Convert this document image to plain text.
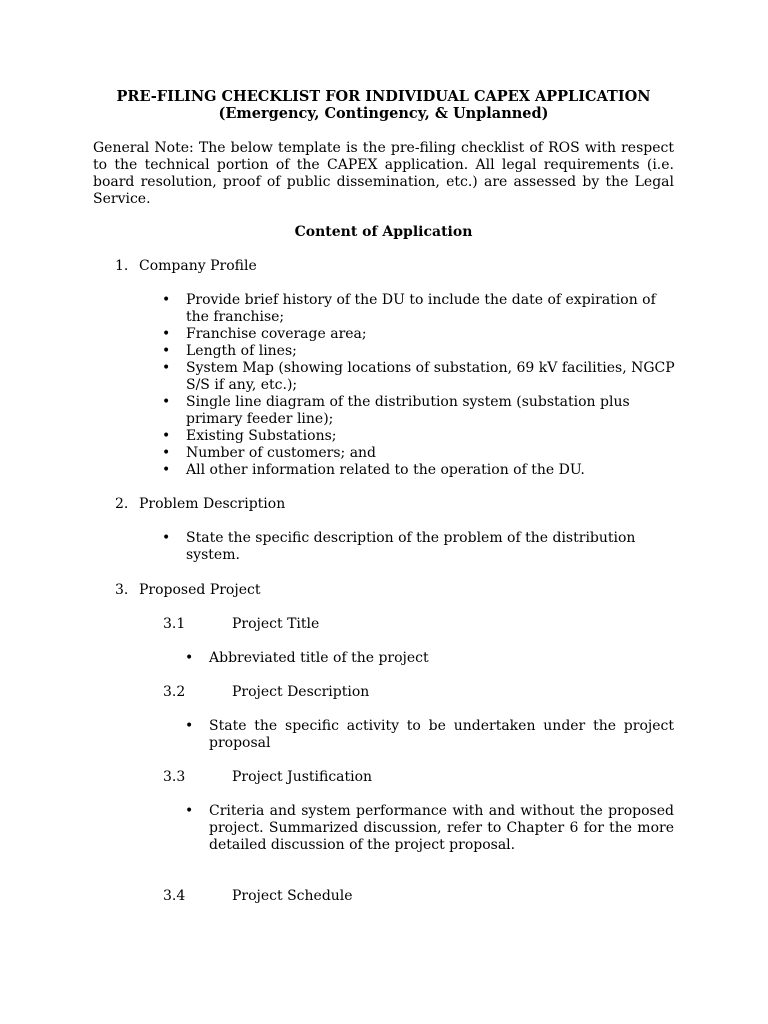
PRE-FILING CHECKLIST FOR INDIVIDUAL CAPEX APPLICATION
(Emergency, Contingency, & Unplanned)
General Note: The below template is the pre-filing checklist of ROS with respect to the technical portion of the CAPEX application. All legal requirements (i.e. board resolution, proof of public dissemination, etc.) are assessed by the Legal Service.
Content of Application
1. Company Profile
• Provide brief history of the DU to include the date of expiration of the franchise;
• Franchise coverage area;
• Length of lines;
• System Map (showing locations of substation, 69 kV facilities, NGCP S/S if any, etc.);
• Single line diagram of the distribution system (substation plus primary feeder line);
• Existing Substations;
• Number of customers; and
• All other information related to the operation of the DU.
2. Problem Description
• State the specific description of the problem of the distribution system.
3. Proposed Project
3.1	Project Title
• Abbreviated title of the project
3.2	Project Description
• State the specific activity to be undertaken under the project proposal
3.3	Project Justification
• Criteria and system performance with and without the proposed project. Summarized discussion, refer to Chapter 6 for the more detailed discussion of the project proposal.
3.4	Project Schedule
